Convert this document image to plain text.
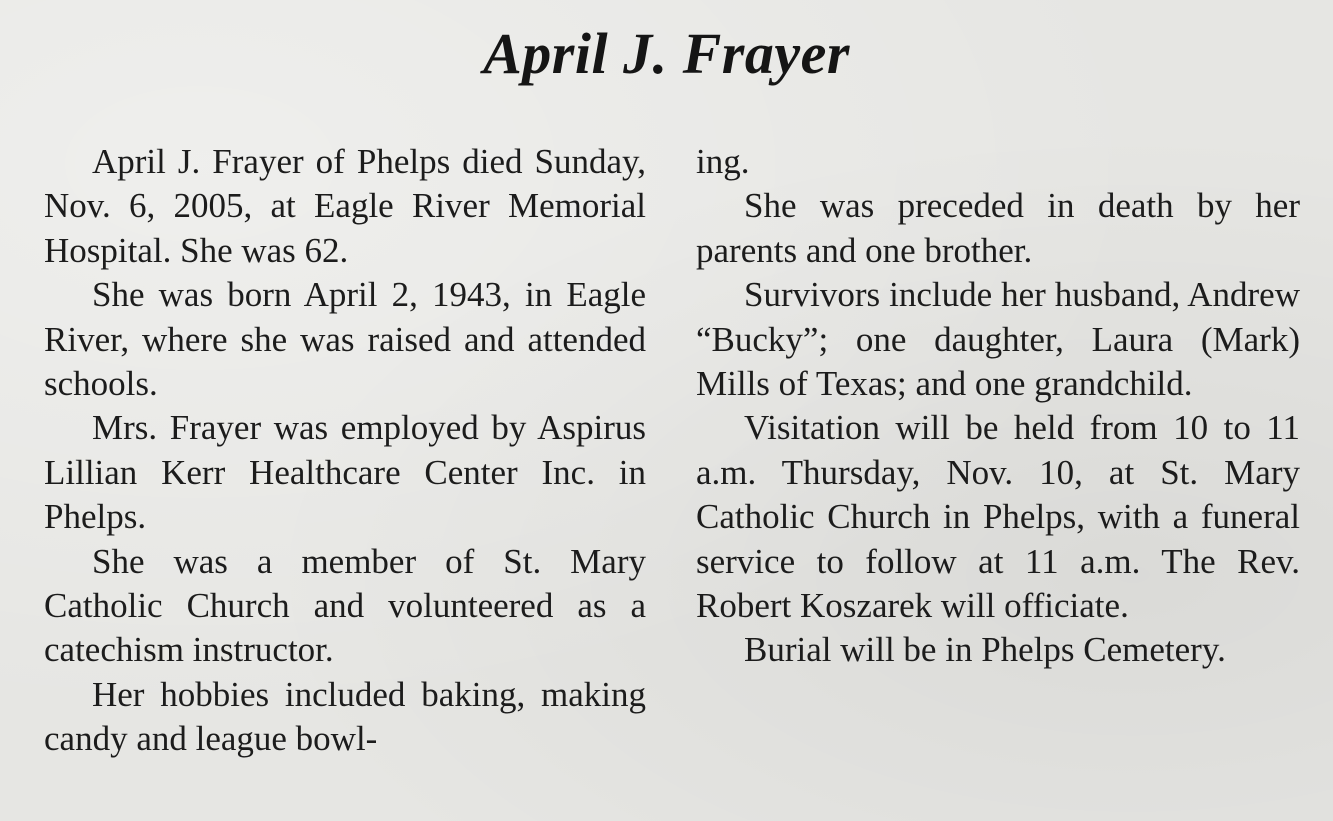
April J. Frayer

April J. Frayer of Phelps died Sunday, Nov. 6, 2005, at Eagle River Memorial Hospital. She was 62.

She was born April 2, 1943, in Eagle River, where she was raised and attended schools.

Mrs. Frayer was employed by Aspirus Lillian Kerr Healthcare Center Inc. in Phelps.

She was a member of St. Mary Catholic Church and volunteered as a catechism instructor.

Her hobbies included baking, making candy and league bowl-

ing.

She was preceded in death by her parents and one brother.

Survivors include her husband, Andrew “Bucky”; one daughter, Laura (Mark) Mills of Texas; and one grandchild.

Visitation will be held from 10 to 11 a.m. Thursday, Nov. 10, at St. Mary Catholic Church in Phelps, with a funeral service to follow at 11 a.m. The Rev. Robert Koszarek will officiate.

Burial will be in Phelps Cemetery.
